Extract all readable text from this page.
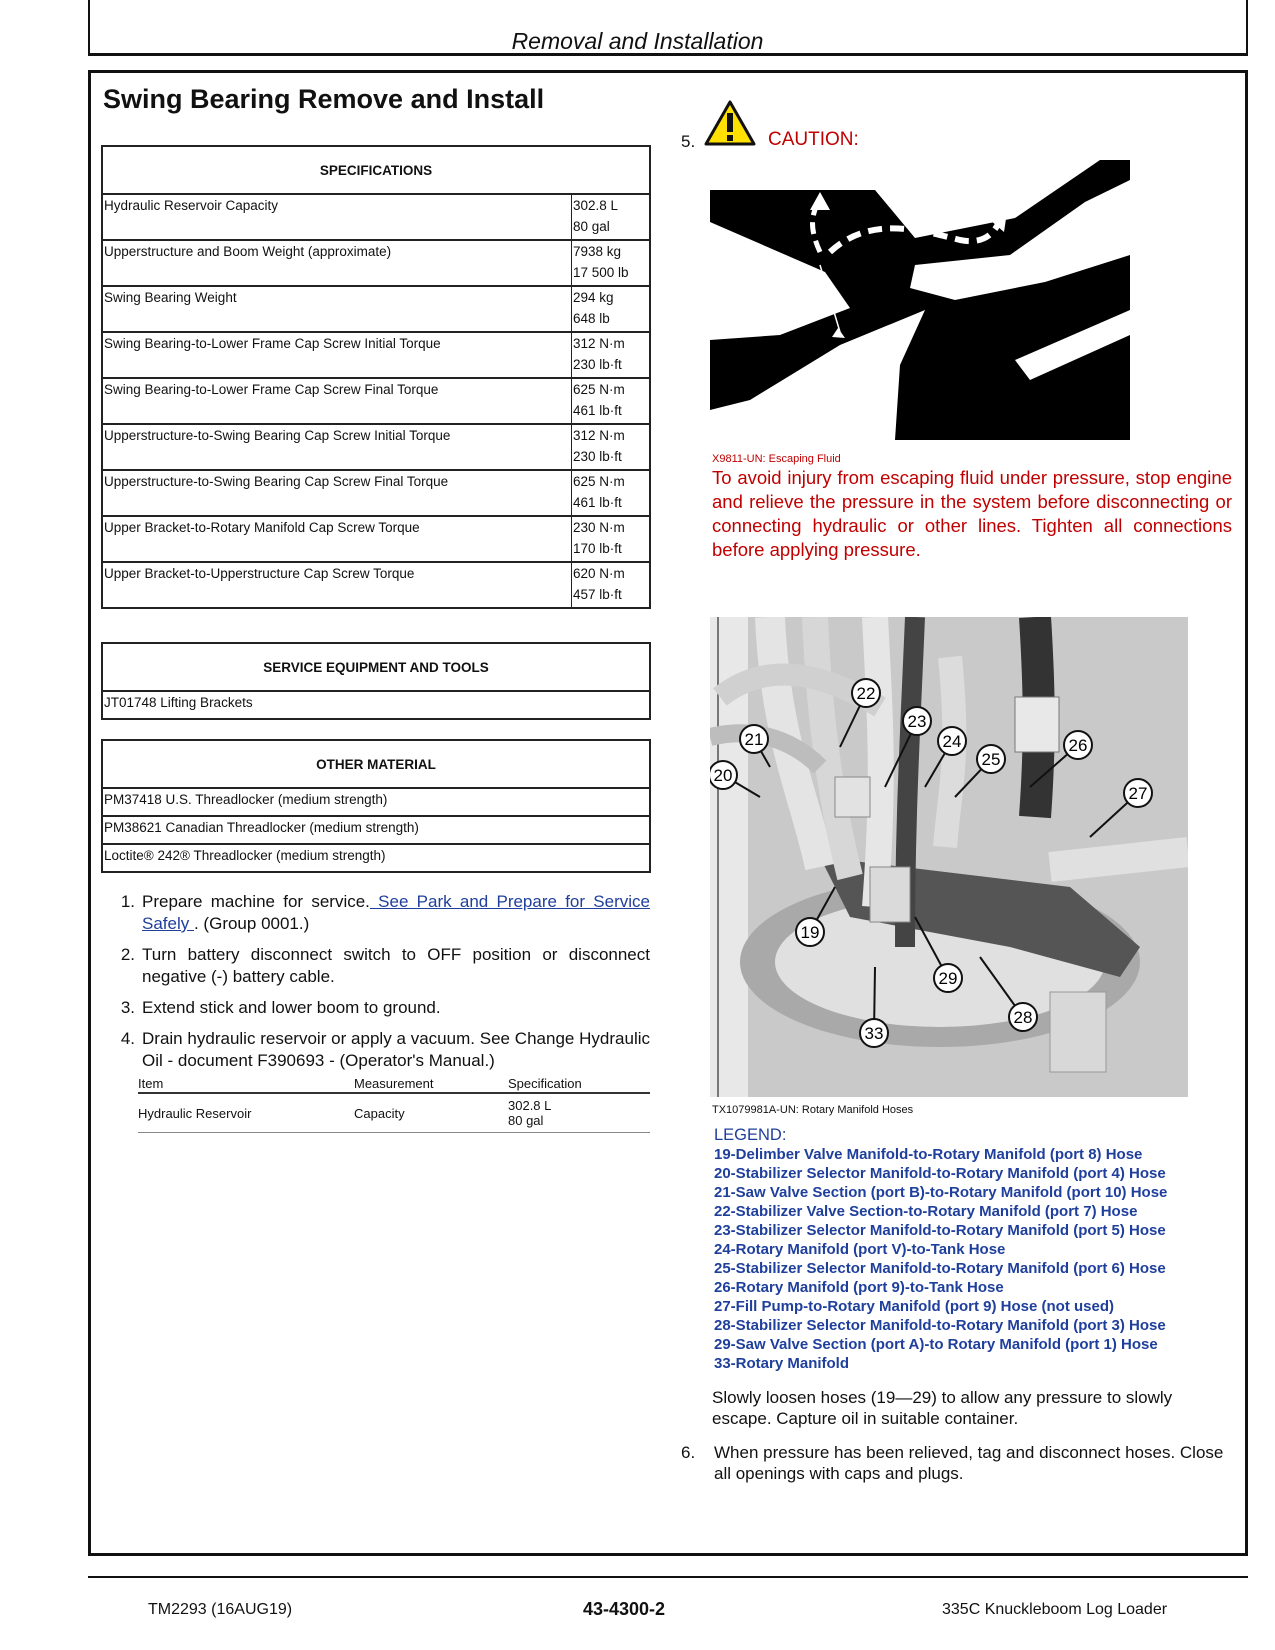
Removal and Installation
Swing Bearing Remove and Install
SPECIFICATIONS	
Hydraulic Reservoir Capacity	302.8 L
80 gal

Upperstructure and Boom Weight (approximate)	7938 kg
17 500 lb

Swing Bearing Weight	294 kg
648 lb

Swing Bearing-to-Lower Frame Cap Screw Initial Torque	312 N·m
230 lb·ft

Swing Bearing-to-Lower Frame Cap Screw Final Torque	625 N·m
461 lb·ft

Upperstructure-to-Swing Bearing Cap Screw Initial Torque	312 N·m
230 lb·ft

Upperstructure-to-Swing Bearing Cap Screw Final Torque	625 N·m
461 lb·ft

Upper Bracket-to-Rotary Manifold Cap Screw Torque	230 N·m
170 lb·ft

Upper Bracket-to-Upperstructure Cap Screw Torque	620 N·m
457 lb·ft
SERVICE EQUIPMENT AND TOOLS
JT01748 Lifting Brackets
OTHER MATERIAL
PM37418 U.S. Threadlocker (medium strength)
PM38621 Canadian Threadlocker (medium strength)
Loctite® 242® Threadlocker (medium strength)
1. Prepare machine for service. See Park and Prepare for Service Safely . (Group 0001.)
2. Turn battery disconnect switch to OFF position or disconnect negative (-) battery cable.
3. Extend stick and lower boom to ground.
4. Drain hydraulic reservoir or apply a vacuum. See Change Hydraulic Oil - document F390693 - (Operator's Manual.)
Item	Measurement	Specification
Hydraulic Reservoir	Capacity	302.8 L
80 gal
5.	CAUTION:
X9811-UN: Escaping Fluid
To avoid injury from escaping fluid under pressure, stop engine and relieve the pressure in the system before disconnecting or connecting hydraulic or other lines. Tighten all connections before applying pressure.
22
21
23
24	26
20
25
27
19
29
28
33
TX1079981A-UN: Rotary Manifold Hoses
LEGEND:
19-Delimber Valve Manifold-to-Rotary Manifold (port 8) Hose
20-Stabilizer Selector Manifold-to-Rotary Manifold (port 4) Hose
21-Saw Valve Section (port B)-to-Rotary Manifold (port 10) Hose
22-Stabilizer Valve Section-to-Rotary Manifold (port 7) Hose
23-Stabilizer Selector Manifold-to-Rotary Manifold (port 5) Hose
24-Rotary Manifold (port V)-to-Tank Hose
25-Stabilizer Selector Manifold-to-Rotary Manifold (port 6) Hose
26-Rotary Manifold (port 9)-to-Tank Hose
27-Fill Pump-to-Rotary Manifold (port 9) Hose (not used)
28-Stabilizer Selector Manifold-to-Rotary Manifold (port 3) Hose
29-Saw Valve Section (port A)-to Rotary Manifold (port 1) Hose
33-Rotary Manifold
Slowly loosen hoses (19—29) to allow any pressure to slowly escape. Capture oil in suitable container.
6. When pressure has been relieved, tag and disconnect hoses. Close all openings with caps and plugs.
TM2293 (16AUG19)	43-4300-2	335C Knuckleboom Log Loader
